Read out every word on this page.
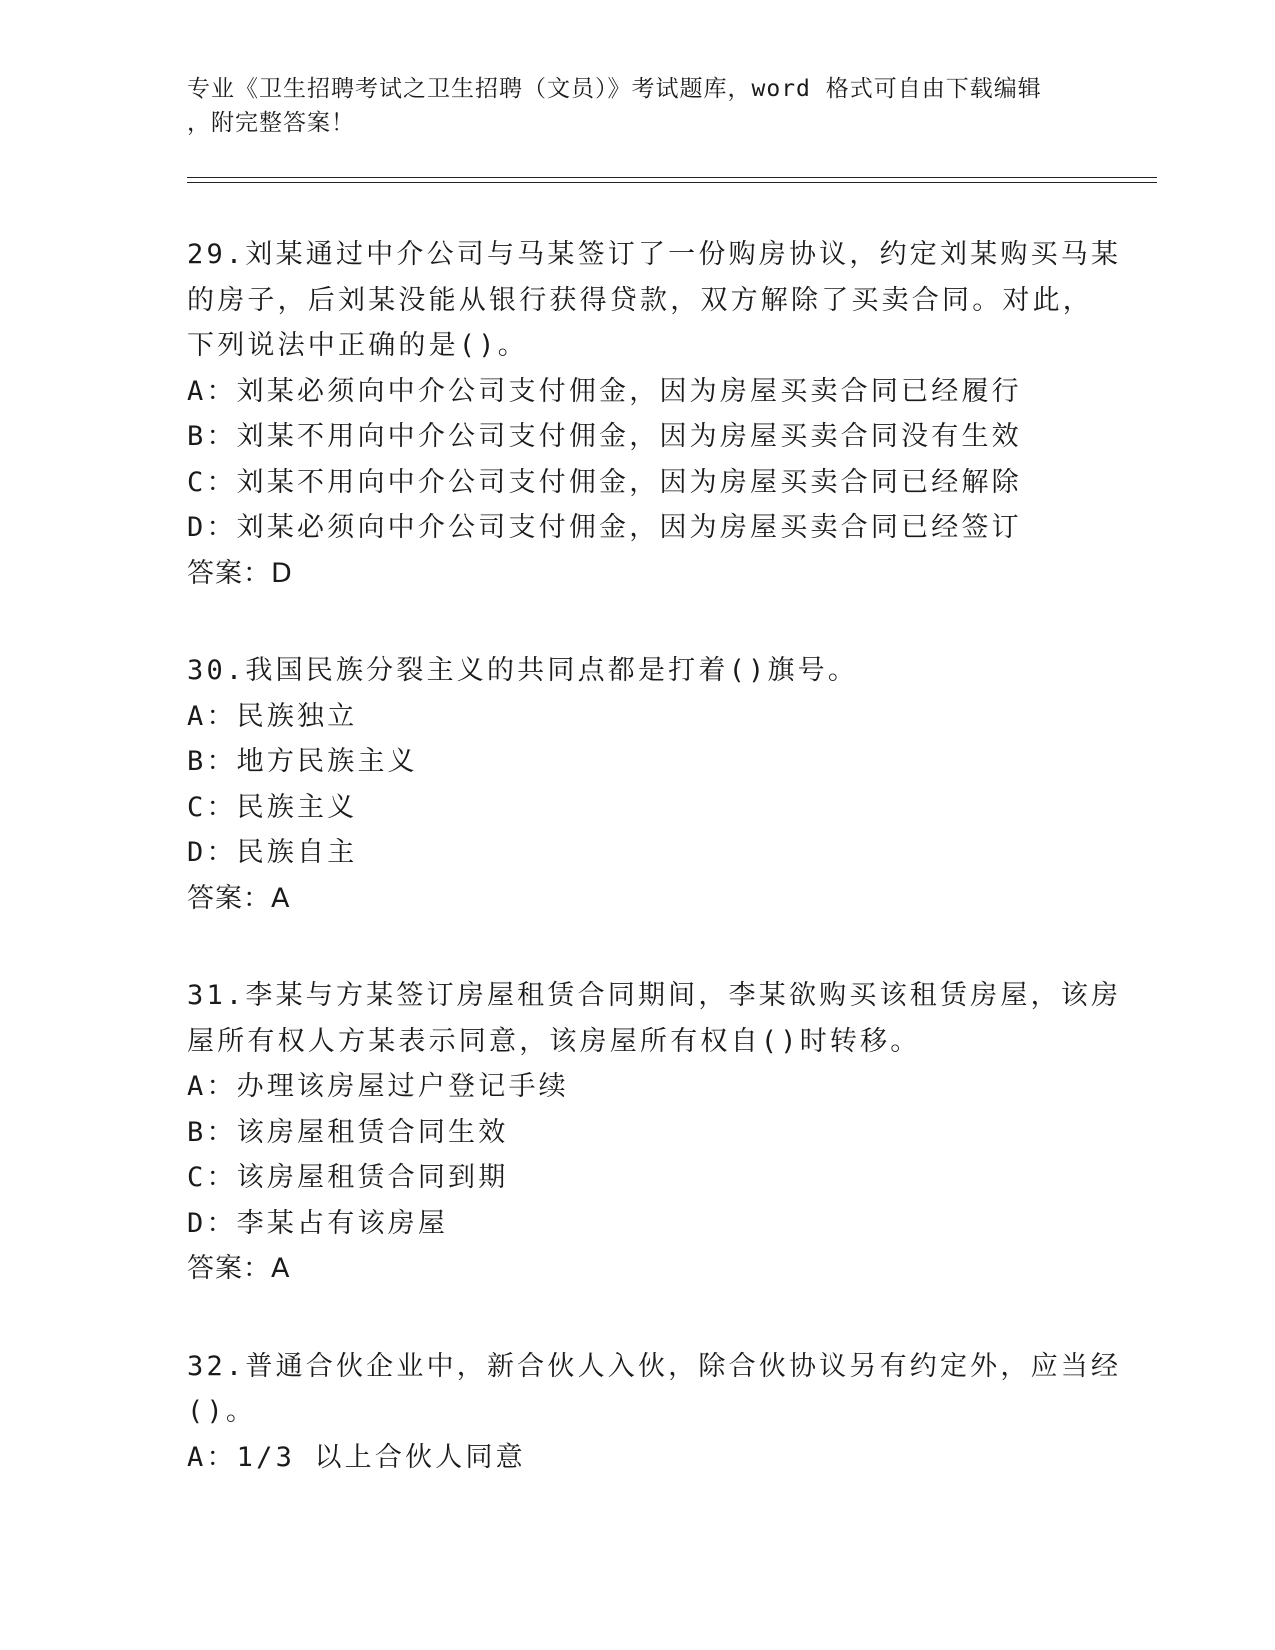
专业《卫生招聘考试之卫生招聘（文员）》考试题库，word 格式可自由下载编辑

，附完整答案！

29.刘某通过中介公司与马某签订了一份购房协议，约定刘某购买马某

的房子，后刘某没能从银行获得贷款，双方解除了买卖合同。对此，

下列说法中正确的是()。

A：刘某必须向中介公司支付佣金，因为房屋买卖合同已经履行

B：刘某不用向中介公司支付佣金，因为房屋买卖合同没有生效

C：刘某不用向中介公司支付佣金，因为房屋买卖合同已经解除

D：刘某必须向中介公司支付佣金，因为房屋买卖合同已经签订

答案：D

30.我国民族分裂主义的共同点都是打着()旗号。

A：民族独立

B：地方民族主义

C：民族主义

D：民族自主

答案：A

31.李某与方某签订房屋租赁合同期间，李某欲购买该租赁房屋，该房

屋所有权人方某表示同意，该房屋所有权自()时转移。

A：办理该房屋过户登记手续

B：该房屋租赁合同生效

C：该房屋租赁合同到期

D：李某占有该房屋

答案：A

32.普通合伙企业中，新合伙人入伙，除合伙协议另有约定外，应当经

()。

A：1/3 以上合伙人同意
